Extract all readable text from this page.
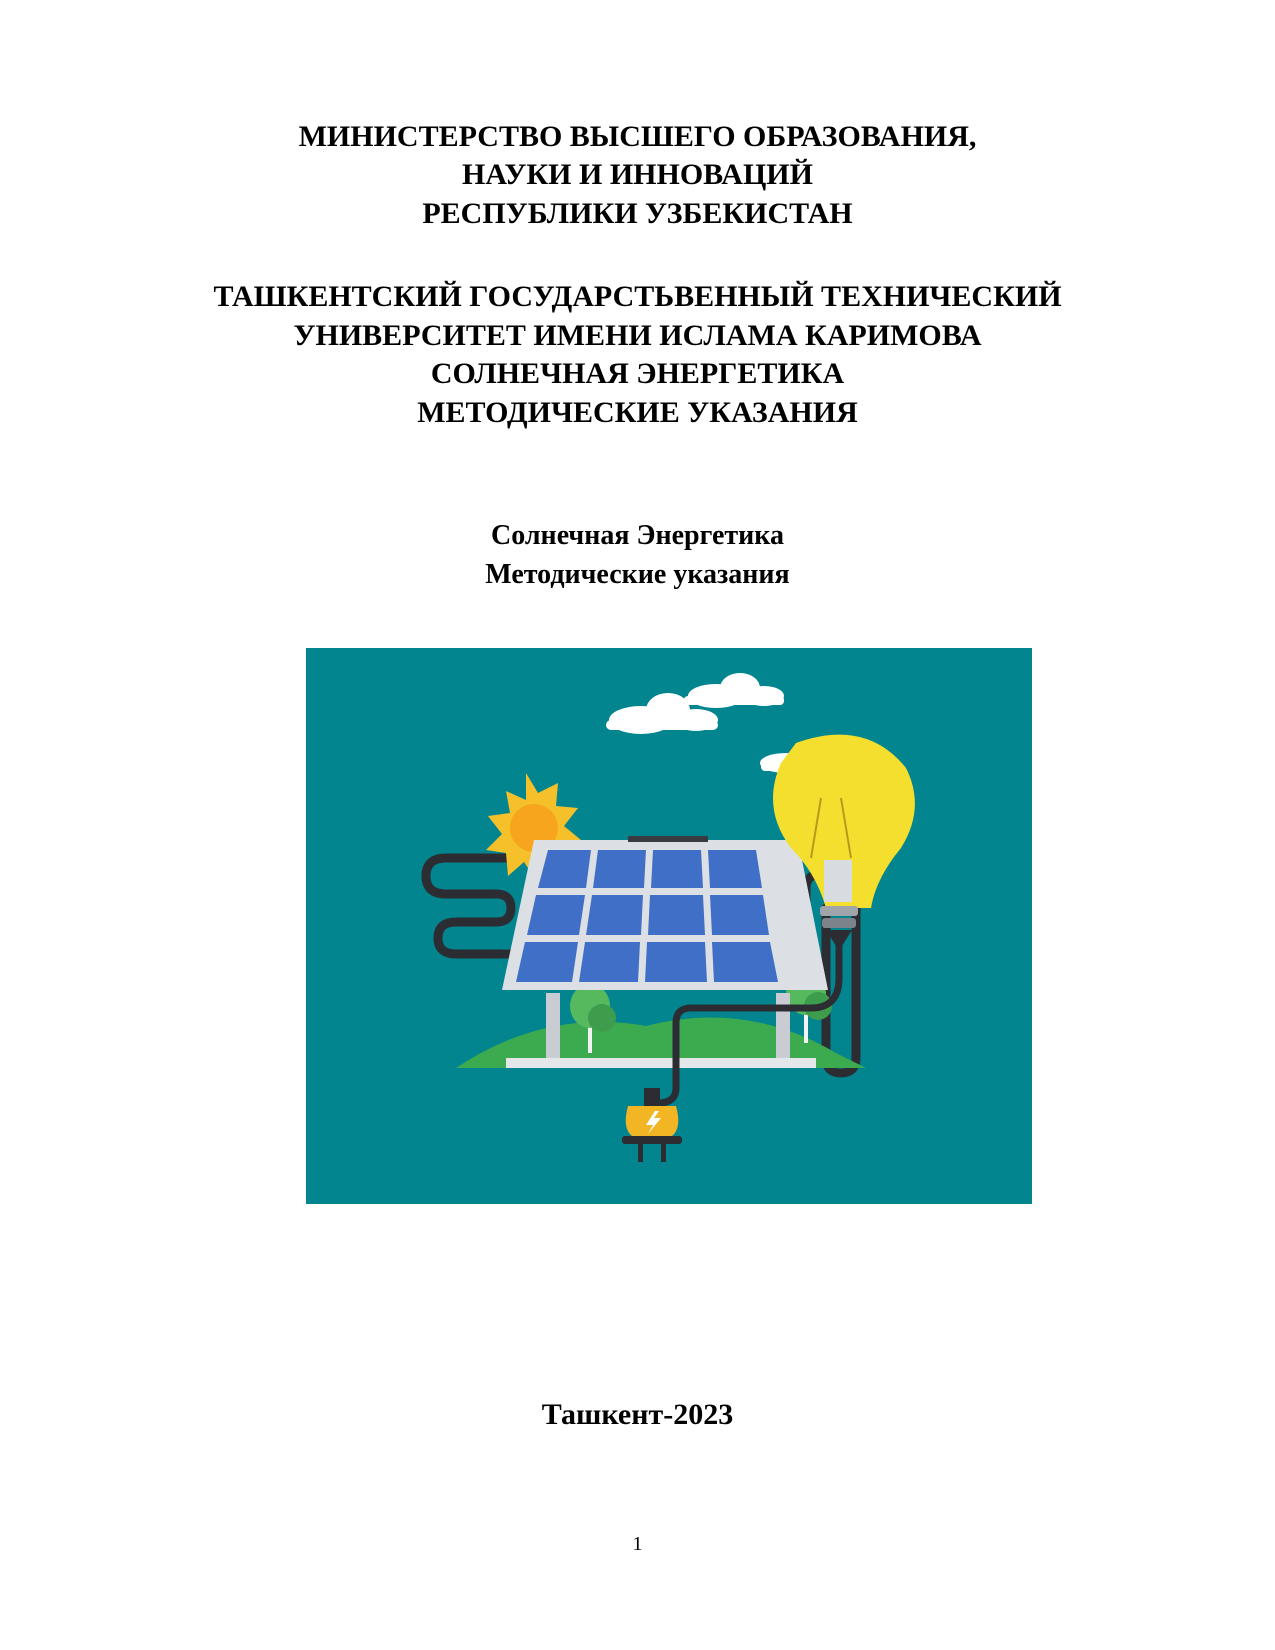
МИНИСТЕРСТВО ВЫСШЕГО ОБРАЗОВАНИЯ,
НАУКИ И ИННОВАЦИЙ
РЕСПУБЛИКИ УЗБЕКИСТАН
ТАШКЕНТСКИЙ ГОСУДАРСТЬВЕННЫЙ ТЕХНИЧЕСКИЙ
УНИВЕРСИТЕТ ИМЕНИ ИСЛАМА КАРИМОВА
СОЛНЕЧНАЯ ЭНЕРГЕТИКА
МЕТОДИЧЕСКИЕ УКАЗАНИЯ
Солнечная Энергетика
Методические указания
Ташкент-2023
1
